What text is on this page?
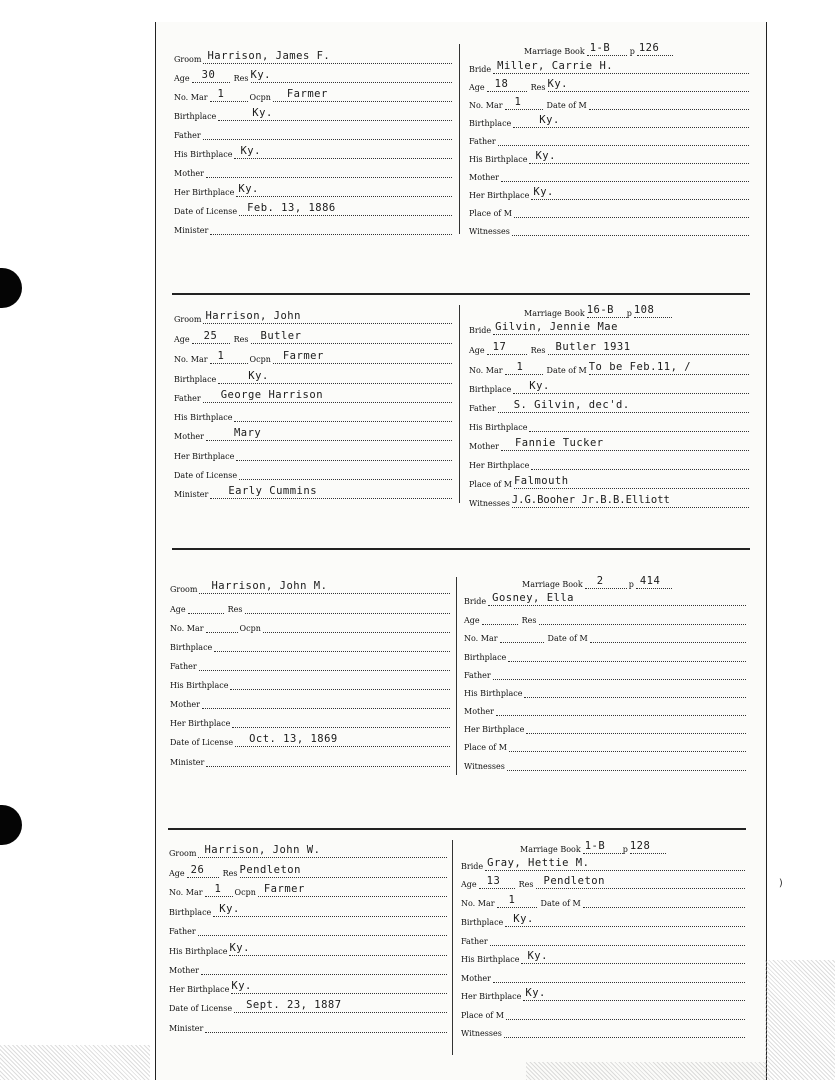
Groom Harrison, James F.
Age 30	Res Ky.
No. Mar 1	Ocpn Farmer
Birthplace	Ky.
Father
His Birthplace Ky.
Mother
Her Birthplace Ky.
Date of License Feb. 13, 1886
Minister
Marriage Book 1-B	p 126
Bride Miller, Carrie H.
Age 18	Res Ky.
No. Mar 1	Date of M
Birthplace	Ky.
Father
His Birthplace Ky.
Mother
Her Birthplace Ky.
Place of M
Witnesses
Groom Harrison, John
Age 25	Res Butler
No. Mar 1	Ocpn Farmer
Birthplace	Ky.
Father George Harrison
His Birthplace
Mother	Mary
Her Birthplace
Date of License
Minister Early Cummins
Marriage Book 16-B p 108
Bride Gilvin, Jennie Mae
Age 17	Res Butler 1931
No. Mar 1	Date of M To be Feb.11, /
Birthplace Ky.
Father S. Gilvin, dec'd.
His Birthplace
Mother Fannie Tucker
Her Birthplace
Place of M Falmouth
Witnesses J.G.Booher Jr.B.B.Elliott
Groom Harrison, John M.
Age	Res
No. Mar	Ocpn
Birthplace
Father
His Birthplace
Mother
Her Birthplace
Date of License Oct. 13, 1869
Minister
Marriage Book 2	p 414
Bride Gosney, Ella
Age	Res
No. Mar	Date of M
Birthplace
Father
His Birthplace
Mother
Her Birthplace
Place of M
Witnesses
Groom Harrison, John W.
Age 26	Res Pendleton
No. Mar 1 Ocpn Farmer
Birthplace Ky.
Father
His Birthplace Ky.
Mother
Her Birthplace Ky.
Date of License Sept. 23, 1887
Minister
Marriage Book 1-B p 128
Bride Gray, Hettie M.
Age 13	Res Pendleton
No. Mar 1	Date of M
Birthplace Ky.
Father
His Birthplace Ky.
Mother
Her Birthplace Ky.
Place of M
Witnesses
)
